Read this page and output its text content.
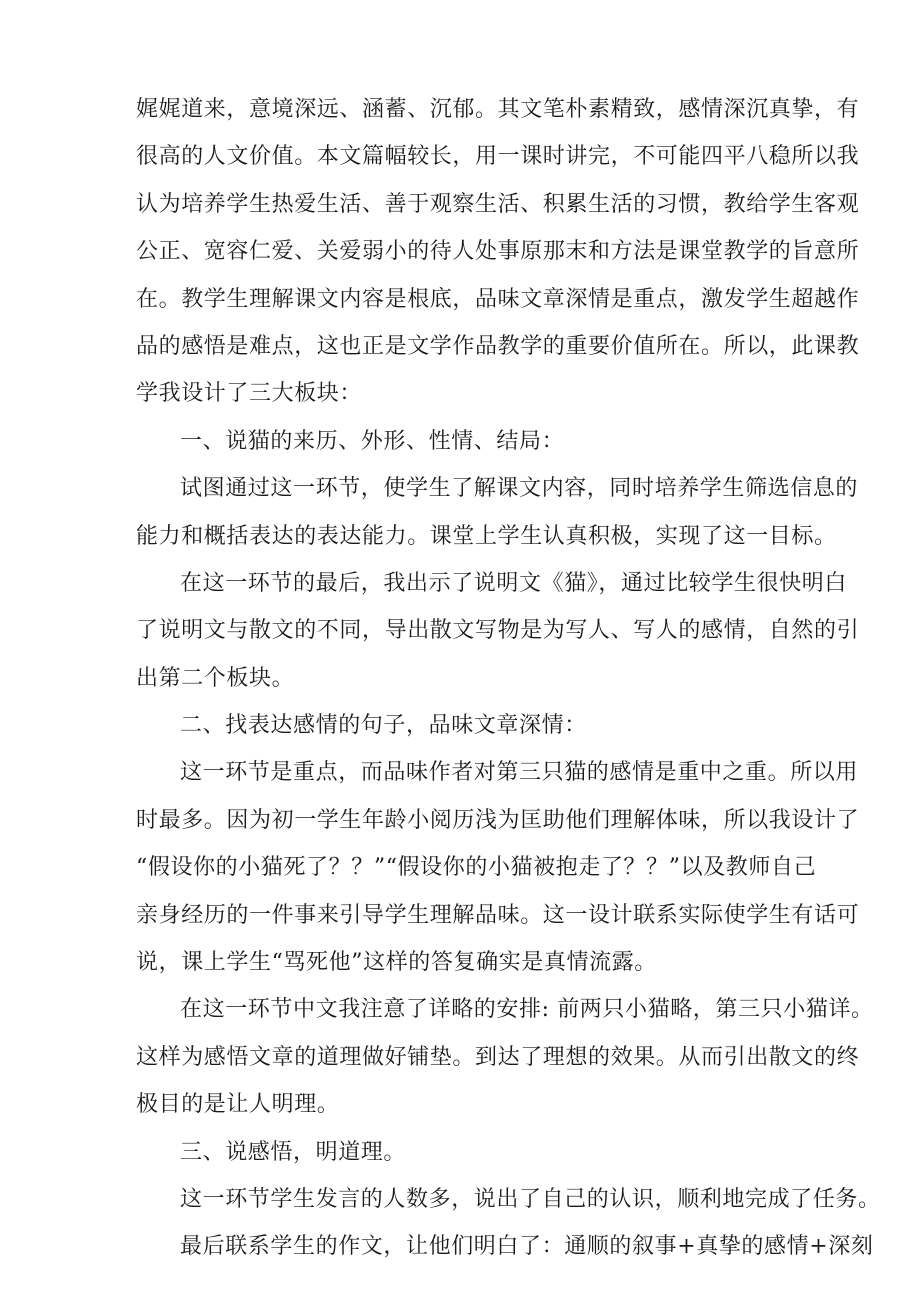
娓娓道来，意境深远、涵蓄、沉郁。其文笔朴素精致，感情深沉真挚，有
很高的人文价值。本文篇幅较长，用一课时讲完，不可能四平八稳所以我
认为培养学生热爱生活、善于观察生活、积累生活的习惯，教给学生客观
公正、宽容仁爱、关爱弱小的待人处事原那末和方法是课堂教学的旨意所
在。教学生理解课文内容是根底，品味文章深情是重点，激发学生超越作
品的感悟是难点，这也正是文学作品教学的重要价值所在。所以，此课教
学我设计了三大板块：
一、说猫的来历、外形、性情、结局：
试图通过这一环节，使学生了解课文内容，同时培养学生筛选信息的
能力和概括表达的表达能力。课堂上学生认真积极，实现了这一目标。
在这一环节的最后，我出示了说明文《猫》，通过比较学生很快明白
了说明文与散文的不同，导出散文写物是为写人、写人的感情，自然的引
出第二个板块。
二、找表达感情的句子，品味文章深情：
这一环节是重点，而品味作者对第三只猫的感情是重中之重。所以用
时最多。因为初一学生年龄小阅历浅为匡助他们理解体味，所以我设计了
“假设你的小猫死了？？”“假设你的小猫被抱走了？？”以及教师自己
亲身经历的一件事来引导学生理解品味。这一设计联系实际使学生有话可
说，课上学生“骂死他”这样的答复确实是真情流露。
在这一环节中文我注意了详略的安排: 前两只小猫略，第三只小猫详。
这样为感悟文章的道理做好铺垫。到达了理想的效果。从而引出散文的终
极目的是让人明理。
三、说感悟，明道理。
这一环节学生发言的人数多，说出了自己的认识，顺利地完成了任务。
最后联系学生的作文，让他们明白了：通顺的叙事+真挚的感情+深刻
